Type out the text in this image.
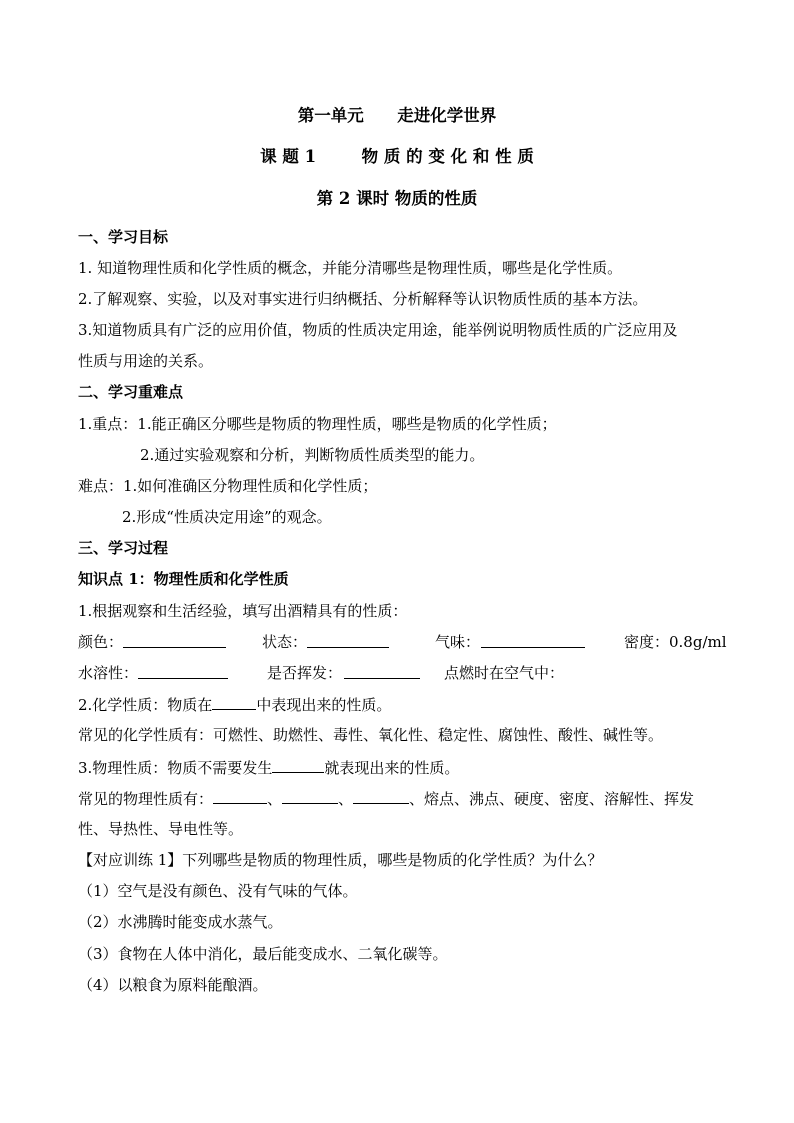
第一单元 走进化学世界
课 题 1	物 质 的 变 化 和 性 质
第 2 课时 物质的性质
一、学习目标
1. 知道物理性质和化学性质的概念，并能分清哪些是物理性质，哪些是化学性质。
2.了解观察、实验，以及对事实进行归纳概括、分析解释等认识物质性质的基本方法。
3.知道物质具有广泛的应用价值，物质的性质决定用途，能举例说明物质性质的广泛应用及
性质与用途的关系。
二、学习重难点
1.重点：1.能正确区分哪些是物质的物理性质，哪些是物质的化学性质；
2.通过实验观察和分析，判断物质性质类型的能力。
难点：1.如何准确区分物理性质和化学性质；
2.形成“性质决定用途”的观念。
三、学习过程
知识点 1：物理性质和化学性质
1.根据观察和生活经验，填写出酒精具有的性质：
颜色：	状态：	气味：	密度：0.8g/ml
水溶性：	是否挥发：	点燃时在空气中：
2.化学性质：物质在	中表现出来的性质。
常见的化学性质有：可燃性、助燃性、毒性、氧化性、稳定性、腐蚀性、酸性、碱性等。
3.物理性质：物质不需要发生	就表现出来的性质。
常见的物理性质有：	、	、	、熔点、沸点、硬度、密度、溶解性、挥发
性、导热性、导电性等。
【对应训练 1】下列哪些是物质的物理性质，哪些是物质的化学性质？为什么？
（1）空气是没有颜色、没有气味的气体。
（2）水沸腾时能变成水蒸气。
（3）食物在人体中消化，最后能变成水、二氧化碳等。
（4）以粮食为原料能酿酒。
